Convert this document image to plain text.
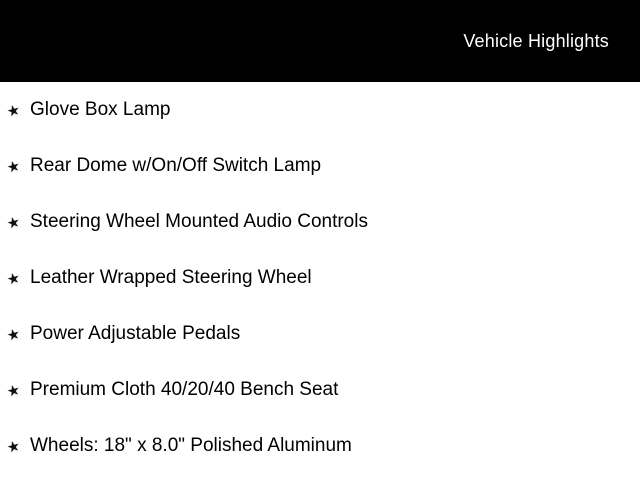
Vehicle Highlights
★ Glove Box Lamp
★ Rear Dome w/On/Off Switch Lamp
★ Steering Wheel Mounted Audio Controls
★ Leather Wrapped Steering Wheel
★ Power Adjustable Pedals
★ Premium Cloth 40/20/40 Bench Seat
★ Wheels: 18" x 8.0" Polished Aluminum
